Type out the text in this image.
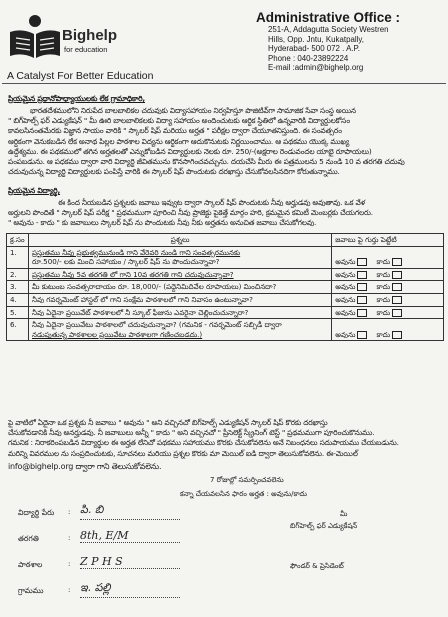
Bighelp
for education
A Catalyst For Better Education
Administrative Office :
251-A, Addagutta Society Westren
Hills, Opp. Jntu, Kukatpally,
Hyderabad- 500 072 . A.P.
Phone : 040-23892224
E-mail :admin@bighelp.org
ప్రియమైన ప్రధానోపాధ్యాయులకు లేక గ్రామాధికారి,
భారతదేశములోని నిరుపేద బాలబాలికల చదువుకు విద్యాసహాయం నిర్వహిస్తూ పొజిటివ్‌గా సామాజిక సేవా సంస్థ అయిన
" బిగ్‌హెల్ప్ ఫర్ ఎడ్యుకేషన్ " మీ ఊరి బాలబాలికలకు విద్యా సహాయం అందించుటకు ఆర్థిక స్థితిలో ఉన్నవారికి విద్యార్థులకోసం
కావలసినంతమేరకు విజ్ఞాన సాయం వారికి " స్కాలర్ షిప్ మరియు అర్హత " పరీక్షల ద్వారా చేయూతనిస్తుంది. ఈ సంవత్సరం
ఆర్థికంగా వెనుకబడిన లేక అనాథ పిల్లల పాఠశాల విద్యను ఆర్థికంగా ఆదుకొనుటకు నిర్ణయించాము. ఆ పథకము యొక్క ముఖ్య
ఉద్దేశ్యము. ఈ పథకములో తగిన అర్హతలతో ఎన్నుకోబడిన విద్యార్థులకు నెలకు రూ. 250/-(అక్షరాల రెండువందల యాభై రూపాయలు)
పంపబడును. ఆ పధకము ద్వారా వారి విద్యార్థి జీవితమును కొనసాగించవచ్చును. దయచేసి మీరు ఈ పత్రములను 5 నుండి 10 వ తరగతి చదువు
చదువుచున్న విద్యార్థి విద్యార్థులకు పంపిస్తే వారికి ఈ స్కాలర్ షిప్ పొందుటకు దరఖాస్తు చేసుకోవలసినదిగా కోరుతున్నాము.
ప్రియమైన విద్యార్థి,
ఈ కింద నీయబడిన ప్రశ్నలకు జవాబు ఇవ్వుట ద్వారా స్కాలర్ షిప్ పొందుటకు నీవు అర్హుడవు అవుతావు. ఒక వేళ
అర్హులని పొందితే " స్కాలర్ షిప్ పరీక్ష " ప్రథమముగా పూరించి నీవు ప్రాజెక్టు పైకెత్తే మార్గం హరి, క్రమమైన కమిటీ మెంబర్లకు చేయగలరు.
" అవును - కాదు " కు జవాబులు స్కాలర్ షిప్ ను పొందుటకు నీవు నీకు అర్హతను అనుచిత జవాబు చేసుకోగలవు.
క్ర.సం	ప్రశ్నలు	జవాబు పై గుర్తు పెట్టేటి
1.	ప్రస్తుతము నీవు ప్రభుత్వమునుండి గాని వేరెవరి నుండి గాని సంవత్సరమునకు
రూ.500/- లకు మించి సహాయం / స్కాలర్ షిప్ ను పొందుచున్నావా?	అవును కాదు
2.	ప్రస్తుతము నీవు 5వ తరగతి లో గాని 10వ తరగతి గాని చదువుచున్నావా?	అవును కాదు
3.	మీ కుటుంబ సంవత్సరాదాయం రూ. 18,000/- (పద్దెనిమిదివేల రూపాయలు) మించినదా?	అవును కాదు
4.	నీవు గవర్నమెంట్ హాస్టల్ లో గాని సంక్షేమ పాఠశాలలో గాని నివాసం ఉంటున్నావా?	అవును కాదు
5.	నీవు ఏదైనా ప్రయివేట్ పాఠశాలలో నీ స్కూల్ ఫీజును ఎవరైనా చెల్లించుచున్నారా?	అవును కాదు
6.	నీవు ఏదైనా ప్రయివేటు పాఠశాలలో చదువుచున్నావా? (గమనిక - గవర్నమెంట్ సబ్సిడీ ద్వారా
నడుపుతున్న పాఠశాలల ప్రయివేటు పాఠశాలగా గణించబడదు.)	అవును కాదు
పై వాటిలో ఏదైనా ఒక ప్రశ్నకు నీ జవాబు " అవును " అని వచ్చినచో బిగ్‌హెల్ప్ ఎడ్యుకేషన్ స్కాలర్ షిప్ కొరకు దరఖాస్తు
చేసుకోవడానికి నీవు అనర్హుడవు. నీ జవాబులు అన్నీ " కాదు " అని వచ్చినచో " ప్రీసెలెక్ట్ స్క్రీనింగ్ టెస్ట్ " ప్రథమముగా పూరించుకొనుము.
గమనిక : నిరాకరింపబడిన విద్యార్థుల ఈ అర్హత లేనిచో పథకము సహాయము కొరకు చేసుకోవలెను అనే నిబంధనలు సదుపాయము చేయబడును.
మరిన్ని వివరముల ను సంప్రదించుటకు, సూచనలు మరియు ప్రశ్నల కొరకు మా మెయిల్ ఐడి ద్వారా తెలుసుకోవలెను. ఈ-మెయిల్
info@bighelp.org ద్వారా గాని తెలుసుకోవలెను.
7 రోజుల్లో సమర్పించవలెను
కన్నా చేయవలసిన ఫారం అర్హత : అవును/కాదు
విద్యార్థి పేరు : పి. బి
తరగతి	: 8th, E/M
పాఠశాల	: Z P H S
గ్రామము	: ఇ. పల్లి
మీ
బిగ్‌హెల్ప్ ఫర్ ఎడ్యుకేషన్
ఫౌండర్ & ప్రెసిడెంట్
